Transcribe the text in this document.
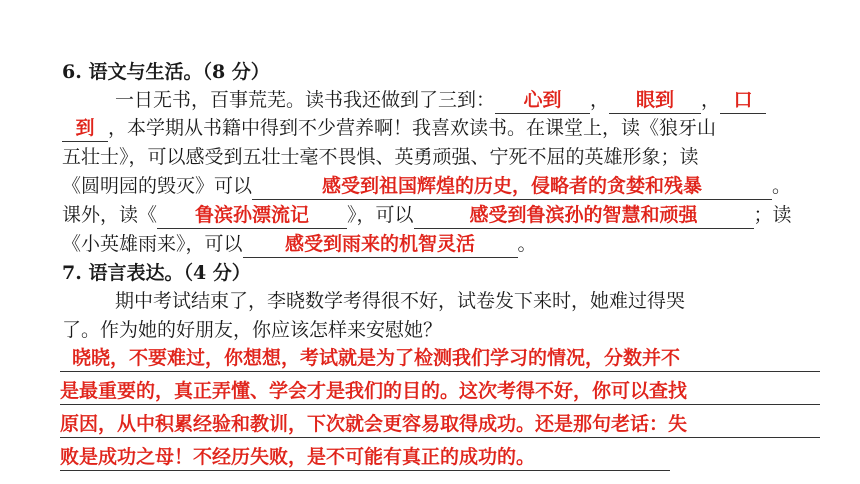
6. 语文与生活。（8 分）
一日无书，百事荒芜。读书我还做到了三到： 心到 ， 眼到 ， 口
到 ，本学期从书籍中得到不少营养啊！我喜欢读书。在课堂上，读《狼牙山
五壮士》，可以感受到五壮士毫不畏惧、英勇顽强、宁死不屈的英雄形象；读
《圆明园的毁灭》可以	感受到祖国辉煌的历史，侵略者的贪婪和残暴	。
课外，读《 鲁滨孙漂流记 》，可以	感受到鲁滨孙的智慧和顽强	；读
《小英雄雨来》，可以 感受到雨来的机智灵活 。
7. 语言表达。（4 分）
期中考试结束了，李晓数学考得很不好，试卷发下来时，她难过得哭
了。作为她的好朋友，你应该怎样来安慰她？
晓晓，不要难过，你想想，考试就是为了检测我们学习的情况，分数并不
是最重要的，真正弄懂、学会才是我们的目的。这次考得不好，你可以查找
原因，从中积累经验和教训，下次就会更容易取得成功。还是那句老话：失
败是成功之母！不经历失败，是不可能有真正的成功的。
